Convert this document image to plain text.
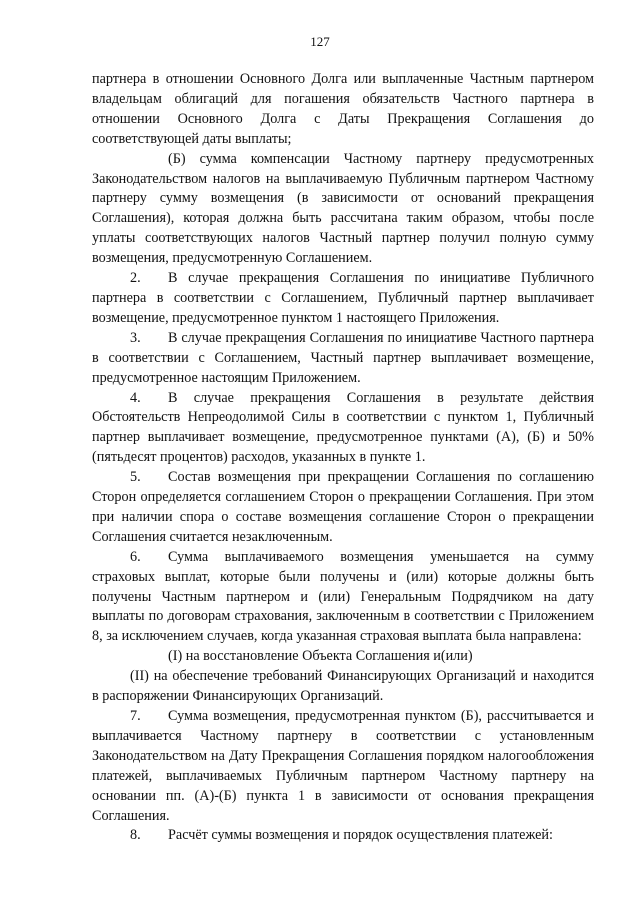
127

партнера в отношении Основного Долга или выплаченные Частным партнером владельцам облигаций для погашения обязательств Частного партнера в отношении Основного Долга с Даты Прекращения Соглашения до соответствующей даты выплаты;

(Б) сумма компенсации Частному партнеру предусмотренных Законодательством налогов на выплачиваемую Публичным партнером Частному партнеру сумму возмещения (в зависимости от оснований прекращения Соглашения), которая должна быть рассчитана таким образом, чтобы после уплаты соответствующих налогов Частный партнер получил полную сумму возмещения, предусмотренную Соглашением.

2. В случае прекращения Соглашения по инициативе Публичного партнера в соответствии с Соглашением, Публичный партнер выплачивает возмещение, предусмотренное пунктом 1 настоящего Приложения.

3. В случае прекращения Соглашения по инициативе Частного партнера в соответствии с Соглашением, Частный партнер выплачивает возмещение, предусмотренное настоящим Приложением.

4. В случае прекращения Соглашения в результате действия Обстоятельств Непреодолимой Силы в соответствии с пунктом 1, Публичный партнер выплачивает возмещение, предусмотренное пунктами (А), (Б) и 50% (пятьдесят процентов) расходов, указанных в пункте 1.

5. Состав возмещения при прекращении Соглашения по соглашению Сторон определяется соглашением Сторон о прекращении Соглашения. При этом при наличии спора о составе возмещения соглашение Сторон о прекращении Соглашения считается незаключенным.

6. Сумма выплачиваемого возмещения уменьшается на сумму страховых выплат, которые были получены и (или) которые должны быть получены Частным партнером и (или) Генеральным Подрядчиком на дату выплаты по договорам страхования, заключенным в соответствии с Приложением 8, за исключением случаев, когда указанная страховая выплата была направлена:

(I) на восстановление Объекта Соглашения и(или)

(II) на обеспечение требований Финансирующих Организаций и находится в распоряжении Финансирующих Организаций.

7. Сумма возмещения, предусмотренная пунктом (Б), рассчитывается и выплачивается Частному партнеру в соответствии с установленным Законодательством на Дату Прекращения Соглашения порядком налогообложения платежей, выплачиваемых Публичным партнером Частному партнеру на основании пп. (А)-(Б) пункта 1 в зависимости от основания прекращения Соглашения.

8. Расчёт суммы возмещения и порядок осуществления платежей:
